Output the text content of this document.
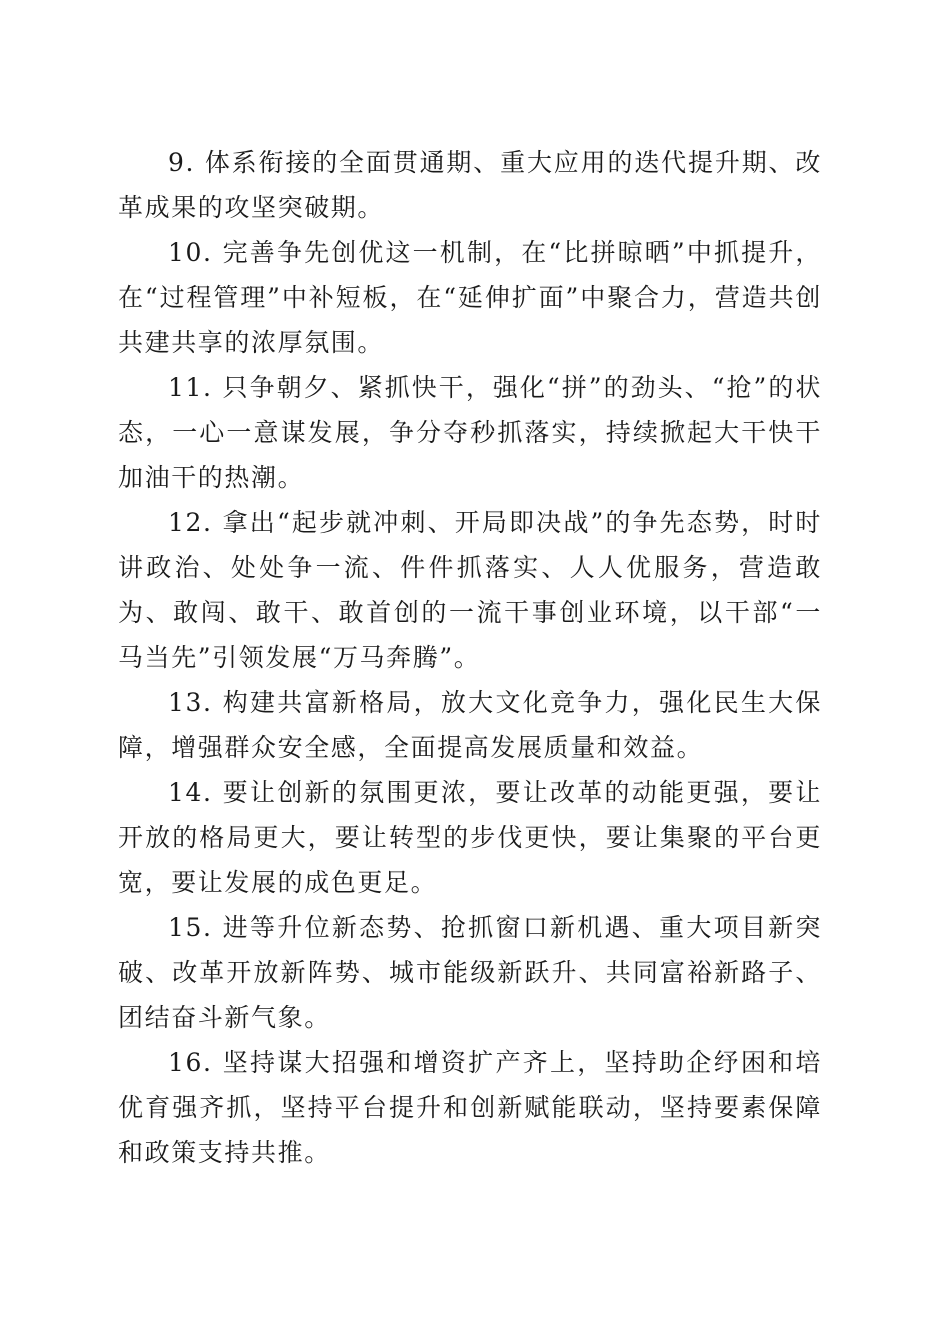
9. 体系衔接的全面贯通期、重大应用的迭代提升期、改革成果的攻坚突破期。

10. 完善争先创优这一机制，在“比拼晾晒”中抓提升，在“过程管理”中补短板，在“延伸扩面”中聚合力，营造共创共建共享的浓厚氛围。

11. 只争朝夕、紧抓快干，强化“拼”的劲头、“抢”的状态，一心一意谋发展，争分夺秒抓落实，持续掀起大干快干加油干的热潮。

12. 拿出“起步就冲刺、开局即决战”的争先态势，时时讲政治、处处争一流、件件抓落实、人人优服务，营造敢为、敢闯、敢干、敢首创的一流干事创业环境，以干部“一马当先”引领发展“万马奔腾”。

13. 构建共富新格局，放大文化竞争力，强化民生大保障，增强群众安全感，全面提高发展质量和效益。

14. 要让创新的氛围更浓，要让改革的动能更强，要让开放的格局更大，要让转型的步伐更快，要让集聚的平台更宽，要让发展的成色更足。

15. 进等升位新态势、抢抓窗口新机遇、重大项目新突破、改革开放新阵势、城市能级新跃升、共同富裕新路子、团结奋斗新气象。

16. 坚持谋大招强和增资扩产齐上，坚持助企纾困和培优育强齐抓，坚持平台提升和创新赋能联动，坚持要素保障和政策支持共推。
